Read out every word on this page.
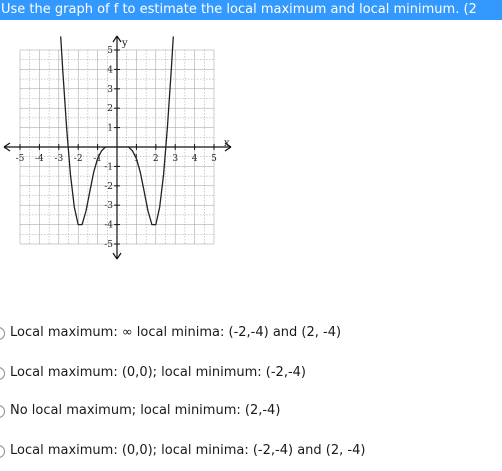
Use the graph of f to estimate the local maximum and local minimum. (2
-5 -4 -3 -2 -1	1 2 3 4 5
5
4
3
2
1
-1
-2
-3
-4
-5
x
y
Local maximum: ∞ local minima: (-2,-4) and (2, -4)
Local maximum: (0,0); local minimum: (-2,-4)
No local maximum; local minimum: (2,-4)
Local maximum: (0,0); local minima: (-2,-4) and (2, -4)
